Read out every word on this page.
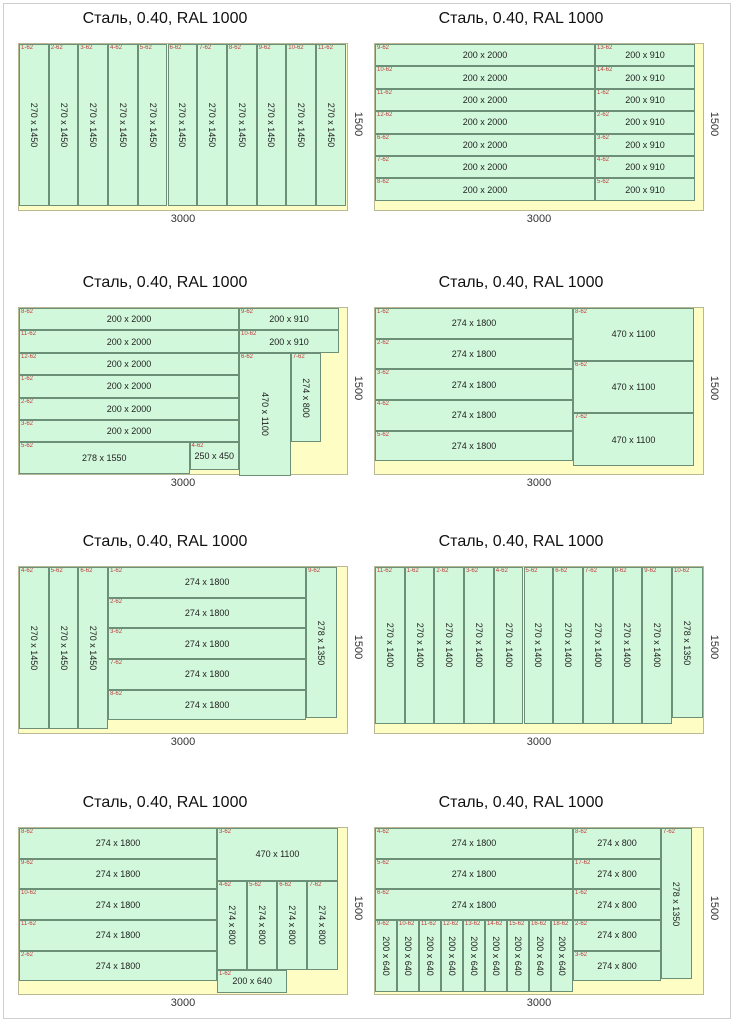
Сталь, 0.40, RAL 1000
1-62
270 x 1450
2-62
270 x 1450
3-62
270 x 1450
4-62
270 x 1450
5-62
270 x 1450
6-62
270 x 1450
7-62
270 x 1450
8-62
270 x 1450
9-62
270 x 1450
10-62
270 x 1450
11-62
270 x 1450
3000
1500
Сталь, 0.40, RAL 1000
9-62
200 x 2000
10-62
200 x 2000
11-62
200 x 2000
12-62
200 x 2000
6-62
200 x 2000
7-62
200 x 2000
8-62
200 x 2000
13-62
200 x 910
14-62
200 x 910
1-62
200 x 910
2-62
200 x 910
3-62
200 x 910
4-62
200 x 910
5-62
200 x 910
3000
1500
Сталь, 0.40, RAL 1000
8-62
200 x 2000
11-62
200 x 2000
12-62
200 x 2000
1-62
200 x 2000
2-62
200 x 2000
3-62
200 x 2000
5-62
278 x 1550
4-62
250 x 450
9-62
200 x 910
10-62
200 x 910
6-62
470 x 1100
7-62
274 x 800
3000
1500
Сталь, 0.40, RAL 1000
1-62
274 x 1800
2-62
274 x 1800
3-62
274 x 1800
4-62
274 x 1800
5-62
274 x 1800
8-62
470 x 1100
6-62
470 x 1100
7-62
470 x 1100
3000
1500
Сталь, 0.40, RAL 1000
4-62
270 x 1450
5-62
270 x 1450
6-62
270 x 1450
1-62
274 x 1800
2-62
274 x 1800
3-62
274 x 1800
7-62
274 x 1800
8-62
274 x 1800
9-62
278 x 1350
3000
1500
Сталь, 0.40, RAL 1000
11-62
270 x 1400
1-62
270 x 1400
2-62
270 x 1400
3-62
270 x 1400
4-62
270 x 1400
5-62
270 x 1400
6-62
270 x 1400
7-62
270 x 1400
8-62
270 x 1400
9-62
270 x 1400
10-62
278 x 1350
3000
1500
Сталь, 0.40, RAL 1000
8-62
274 x 1800
9-62
274 x 1800
10-62
274 x 1800
11-62
274 x 1800
2-62
274 x 1800
3-62
470 x 1100
4-62
274 x 800
5-62
274 x 800
6-62
274 x 800
7-62
274 x 800
1-62
200 x 640
3000
1500
Сталь, 0.40, RAL 1000
4-62
274 x 1800
5-62
274 x 1800
6-62
274 x 1800
9-62
200 x 640
10-62
200 x 640
11-62
200 x 640
12-62
200 x 640
13-62
200 x 640
14-62
200 x 640
15-62
200 x 640
16-62
200 x 640
18-62
200 x 640
8-62
274 x 800
17-62
274 x 800
1-62
274 x 800
2-62
274 x 800
3-62
274 x 800
7-62
278 x 1350
3000
1500
